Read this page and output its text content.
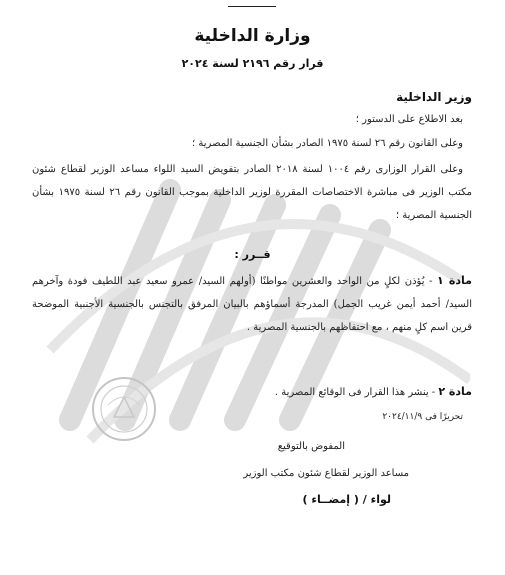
وزارة الداخلية
قرار رقم ٢١٩٦ لسنة ٢٠٢٤
وزير الداخلية
بعد الاطلاع على الدستور ؛
وعلى القانون رقم ٢٦ لسنة ١٩٧٥ الصادر بشأن الجنسية المصرية ؛
وعلى القرار الوزارى رقم ١٠٠٤ لسنة ٢٠١٨ الصادر بتفويض السيد اللواء مساعد الوزير لقطاع شئون مكتب الوزير فى مباشرة الاختصاصات المقررة لوزير الداخلية بموجب القانون رقم ٢٦ لسنة ١٩٧٥ بشأن الجنسية المصرية ؛
قــرر :
مادة ١ - يُؤذن لكلٍ من الواحد والعشرين مواطنًا (أولهم السيد/ عمرو سعيد عبد اللطيف فودة وآخرهم السيد/ أحمد أيمن غريب الجمل) المدرجة أسماؤهم بالبيان المرفق بالتجنس بالجنسية الأجنبية الموضحة قرين اسم كلٍ منهم ، مع احتفاظهم بالجنسية المصرية .
مادة ٢ - ينشر هذا القرار فى الوقائع المصرية .
تحريرًا فى ٢٠٢٤/١١/٩
المفوض بالتوقيع
مساعد الوزير لقطاع شئون مكتب الوزير
لواء / ( إمضــاء )
